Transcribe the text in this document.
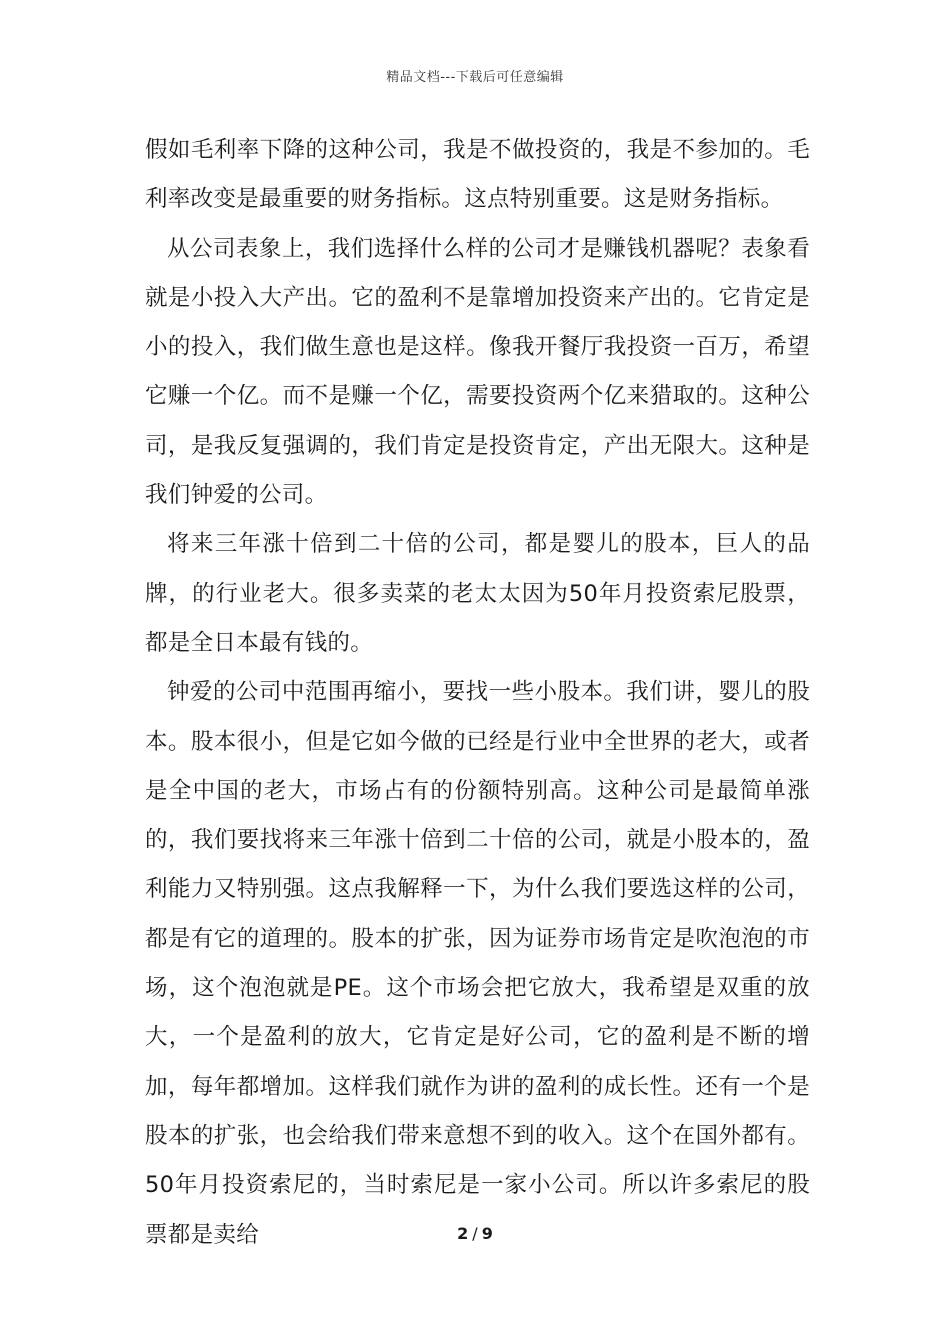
精品文档---下载后可任意编辑

假如毛利率下降的这种公司，我是不做投资的，我是不参加的。毛利率改变是最重要的财务指标。这点特别重要。这是财务指标。

从公司表象上，我们选择什么样的公司才是赚钱机器呢？表象看就是小投入大产出。它的盈利不是靠增加投资来产出的。它肯定是小的投入，我们做生意也是这样。像我开餐厅我投资一百万，希望它赚一个亿。而不是赚一个亿，需要投资两个亿来猎取的。这种公司，是我反复强调的，我们肯定是投资肯定，产出无限大。这种是我们钟爱的公司。

将来三年涨十倍到二十倍的公司，都是婴儿的股本，巨人的品牌，的行业老大。很多卖菜的老太太因为50年月投资索尼股票，都是全日本最有钱的。

钟爱的公司中范围再缩小，要找一些小股本。我们讲，婴儿的股本。股本很小，但是它如今做的已经是行业中全世界的老大，或者是全中国的老大，市场占有的份额特别高。这种公司是最简单涨的，我们要找将来三年涨十倍到二十倍的公司，就是小股本的，盈利能力又特别强。这点我解释一下，为什么我们要选这样的公司，都是有它的道理的。股本的扩张，因为证券市场肯定是吹泡泡的市场，这个泡泡就是PE。这个市场会把它放大，我希望是双重的放大，一个是盈利的放大，它肯定是好公司，它的盈利是不断的增加，每年都增加。这样我们就作为讲的盈利的成长性。还有一个是股本的扩张，也会给我们带来意想不到的收入。这个在国外都有。50年月投资索尼的，当时索尼是一家小公司。所以许多索尼的股票都是卖给	2 / 9
